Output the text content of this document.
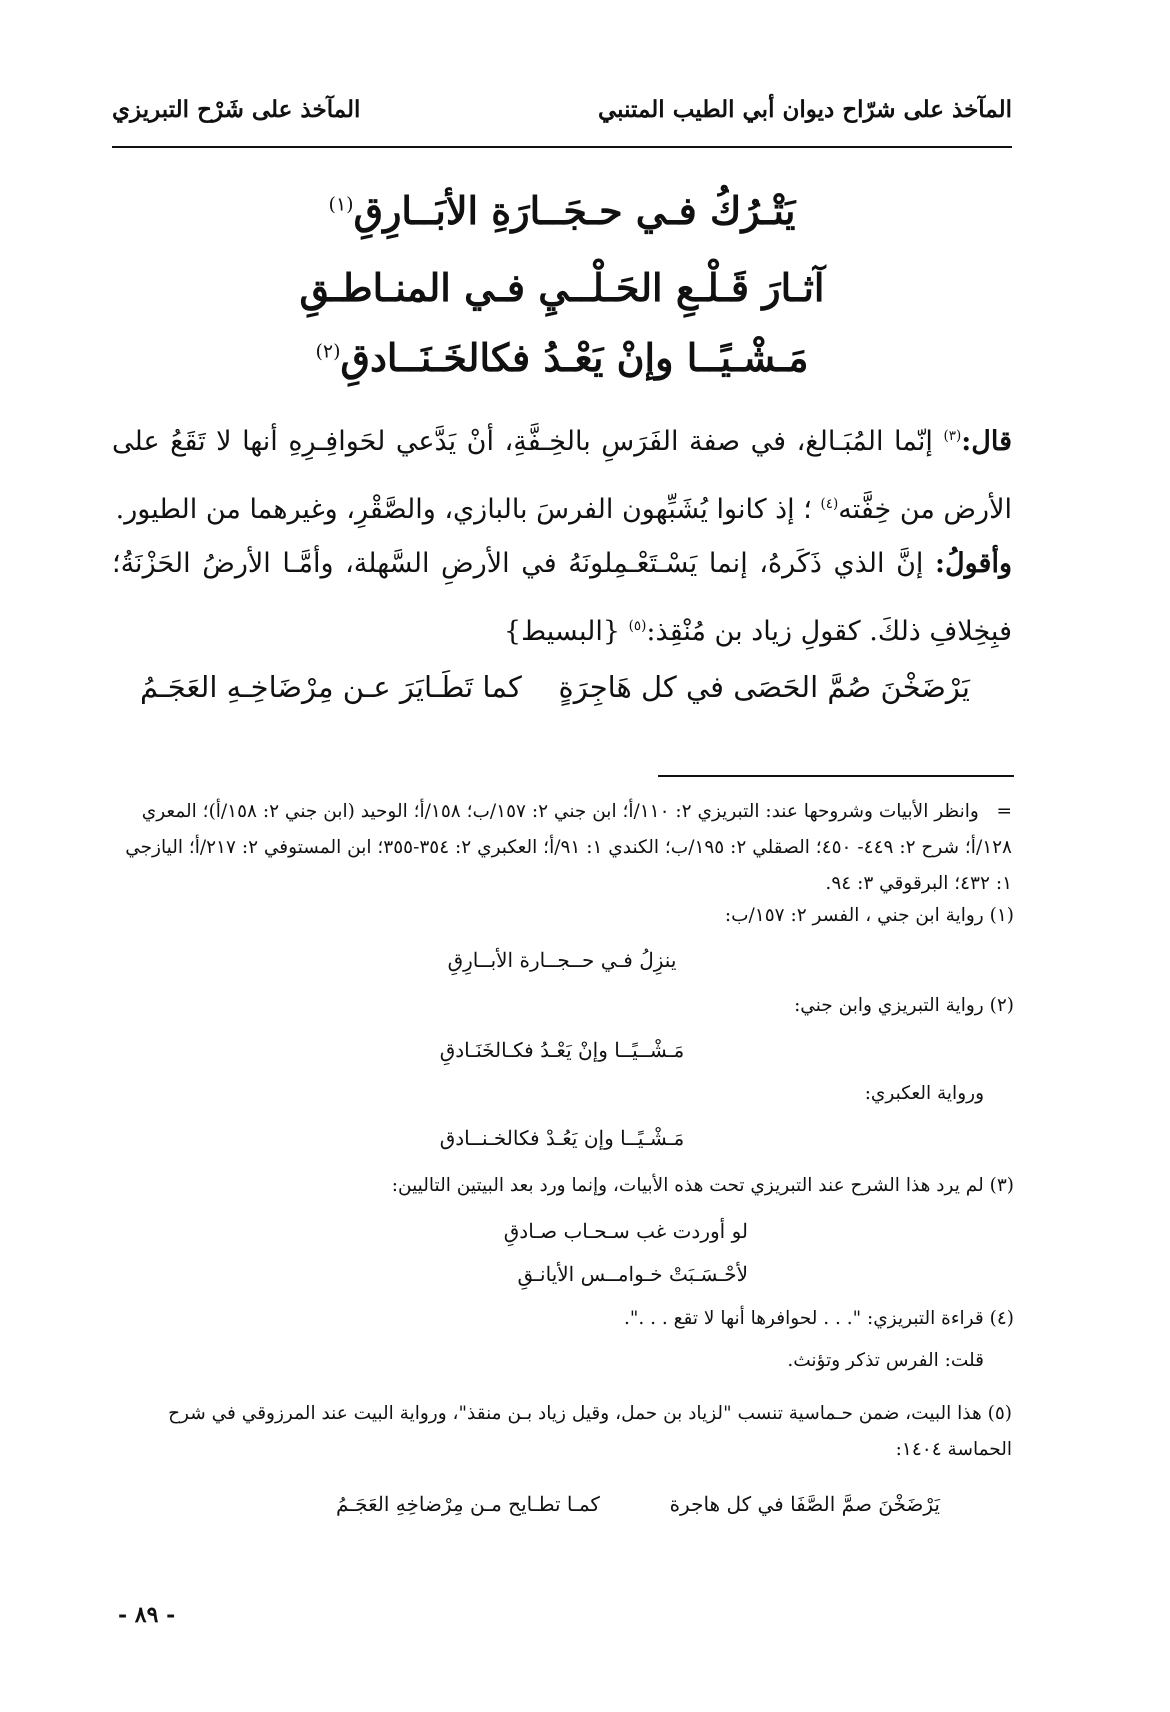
المآخذ على شرّاح ديوان أبي الطيب المتنبي
المآخذ على شَرْح التبريزي
يَتْـرُكُ فـي حـجَــارَةِ الأبَــارِقِ$^{(١)}$
آثـارَ قَـلْـعِ الحَـلْــيِ فـي المنـاطـقِ
مَـشْـيًــا وإنْ يَعْـدُ فكالخَـنَــادقِ$^{(٢)}$
قال:$^{(٣)}$ إنّما المُبَـالغ، في صفة الفَرَسِ بالخِـفَّةِ، أنْ يَدَّعي لحَوافِـرِهِ أنها لا تَقَعُ على الأرض من خِفَّته$^{(٤)}$ ؛ إذ كانوا يُشَبِّهون الفرسَ بالبازي، والصَّقْرِ، وغيرهما من الطيور.
وأقولُ: إنَّ الذي ذَكَرهُ، إنما يَسْـتَعْـمِلونَهُ في الأرضِ السَّهلة، وأمَّـا الأرضُ الحَزْنَةُ؛ فبِخِلافِ ذلكَ. كقولِ زياد بن مُنْقِذ:$^{(٥)}$ {البسيط}
يَرْضَخْنَ صُمَّ الحَصَى في كل هَاجِرَةٍ
كما تَطَـايَرَ عـن مِرْضَاخِـهِ العَجَـمُ
=   وانظر الأبيات وشروحها عند: التبريزي ٢: ١١٠/أ؛ ابن جني ٢: ١٥٧/ب؛ ١٥٨/أ؛ الوحيد (ابن جني ٢: ١٥٨/أ)؛ المعري ١٢٨/أ؛ شرح ٢: ٤٤٩- ٤٥٠؛ الصقلي ٢: ١٩٥/ب؛ الكندي ١: ٩١/أ؛ العكبري ٢: ٣٥٤-٣٥٥؛ ابن المستوفي ٢: ٢١٧/أ؛ اليازجي ١: ٤٣٢؛ البرقوقي ٣: ٩٤.
(١) رواية ابن جني ، الفسر ٢: ١٥٧/ب:
ينزِلُ فـي حــجــارة الأبــارِقِ
(٢) رواية التبريزي وابن جني:
مَـشْــيًــا وإنْ يَعْـدُ فكـالخَنَـادقِ
ورواية العكبري:
مَـشْـيًــا وإن يَعُـدْ فكالخـنــادق
(٣) لم يرد هذا الشرح عند التبريزي تحت هذه الأبيات، وإنما ورد بعد البيتين التاليين:
لو أوردت غب سـحـاب صـادقِ
لأحْـسَـبَتْ خـوامــس الأيانـقِ
(٤) قراءة التبريزي: ". . . لحوافرها أنها لا تقع . . .".
قلت: الفرس تذكر وتؤنث.
(٥) هذا البيت، ضمن حـماسية تنسب "لزياد بن حمل، وقيل زياد بـن منقذ"، ورواية البيت عند المرزوقي في شرح الحماسة ١٤٠٤:
يَرْضَخْنَ صمَّ الصَّفَا في كل هاجرة
كمـا تطـايح مـن مِرْضاخِهِ العَجَـمُ
- ٨٩ -
